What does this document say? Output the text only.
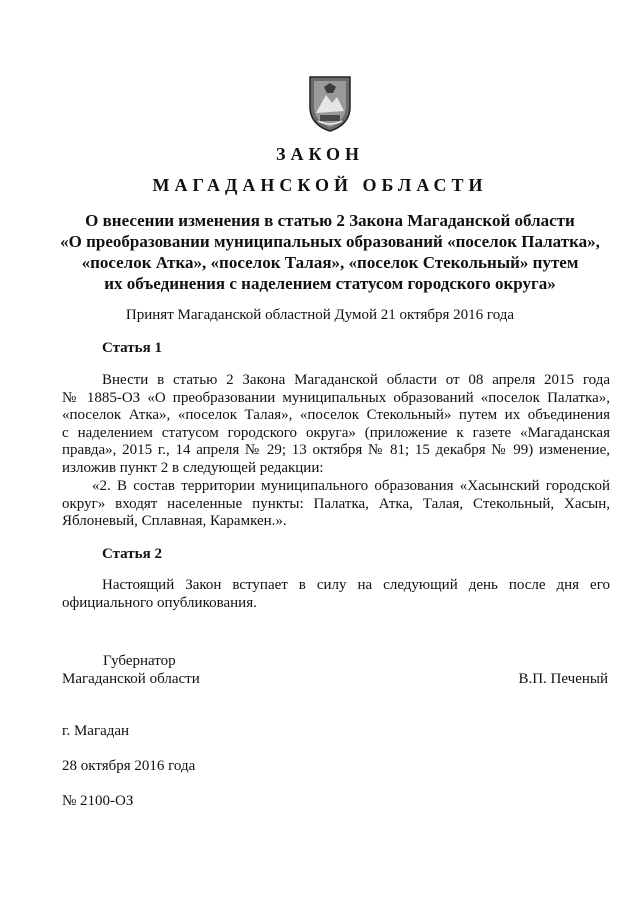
ЗАКОН
МАГАДАНСКОЙ ОБЛАСТИ
О внесении изменения в статью 2 Закона Магаданской области
«О преобразовании муниципальных образований «поселок Палатка»,
«поселок Атка», «поселок Талая», «поселок Стекольный» путем
их объединения с наделением статусом городского округа»
Принят Магаданской областной Думой 21 октября 2016 года
Статья 1
Внести в статью 2 Закона Магаданской области от 08 апреля 2015 года
№ 1885-ОЗ «О преобразовании муниципальных образований «поселок Палатка»,
«поселок Атка», «поселок Талая», «поселок Стекольный» путем их объединения
с наделением статусом городского округа» (приложение к газете «Магаданская
правда», 2015 г., 14 апреля № 29; 13 октября № 81; 15 декабря № 99) изменение,
изложив пункт 2 в следующей редакции:
«2. В состав территории муниципального образования «Хасынский городской
округ» входят населенные пункты: Палатка, Атка, Талая, Стекольный, Хасын,
Яблоневый, Сплавная, Карамкен.».
Статья 2
Настоящий Закон вступает в силу на следующий день после дня его
официального опубликования.
Губернатор
Магаданской области	В.П. Печеный
г. Магадан
28 октября 2016 года
№ 2100-ОЗ
